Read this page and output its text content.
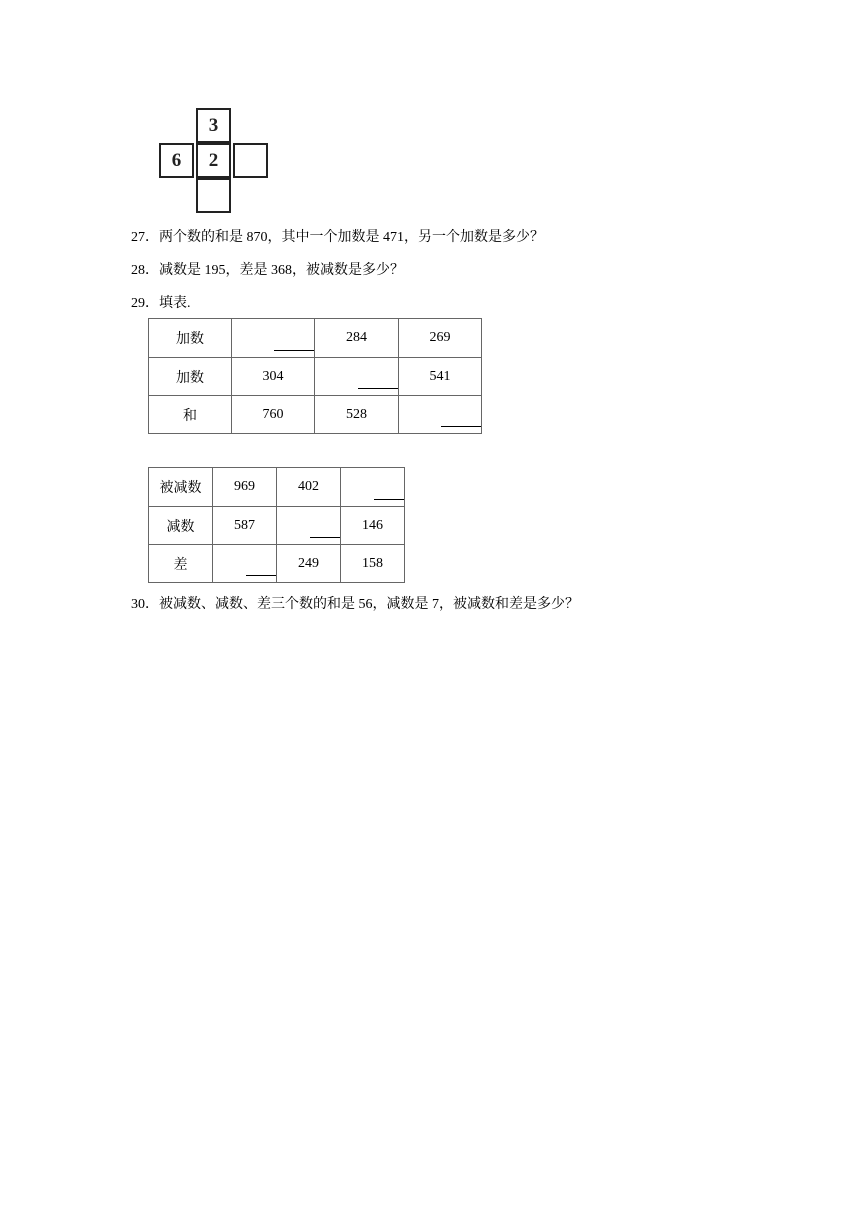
3
6	2
27．两个数的和是 870，其中一个加数是 471，另一个加数是多少？
28．减数是 195，差是 368，被减数是多少？
29．填表.
加数		284	269
加数	304		541
和	760	528	
被减数	969	402	
减数	587		146
差		249	158
30．被减数、减数、差三个数的和是 56，减数是 7，被减数和差是多少？
